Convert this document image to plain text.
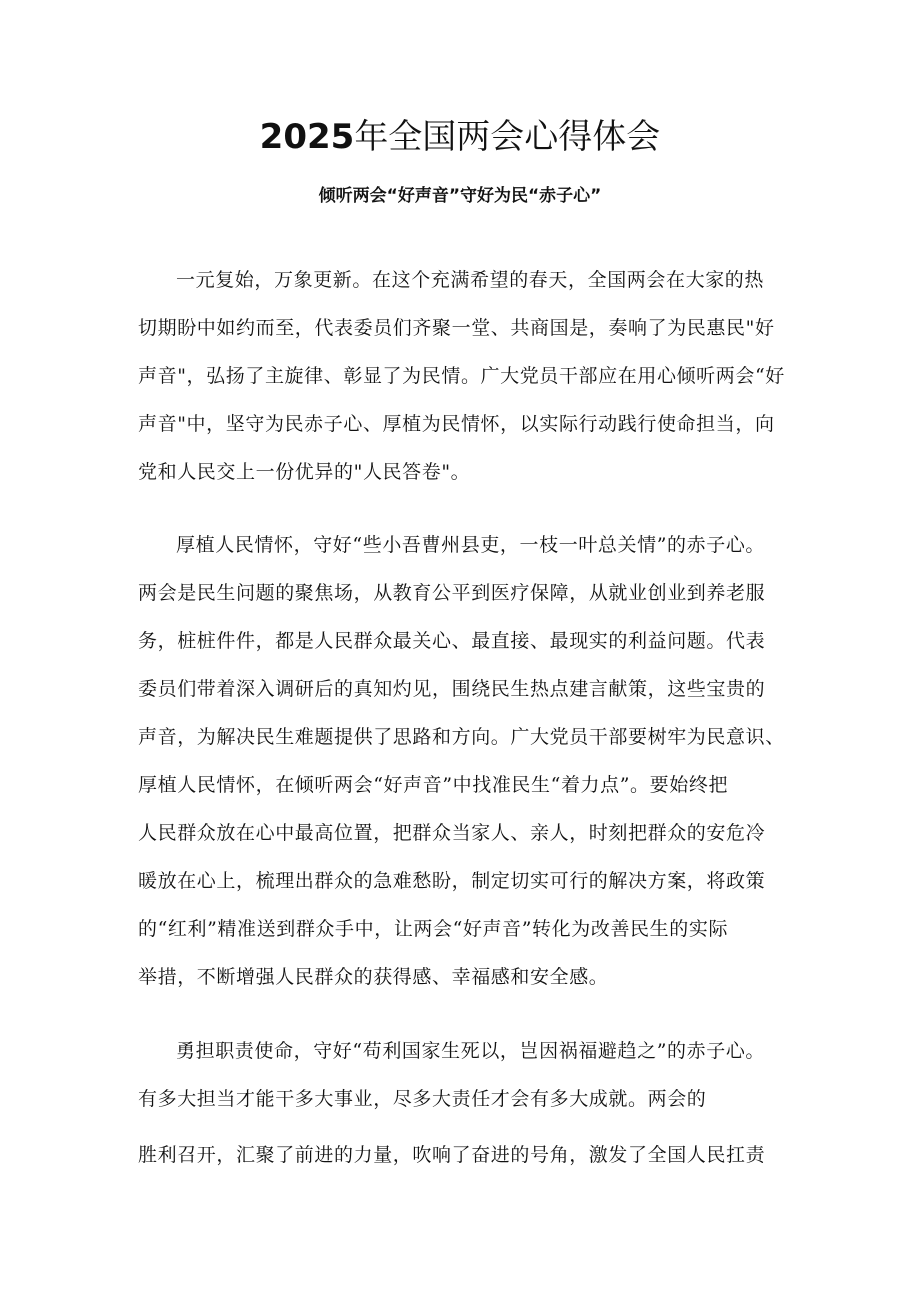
2025年全国两会心得体会
倾听两会“好声音”守好为民“赤子心”

一元复始，万象更新。在这个充满希望的春天，全国两会在大家的热

切期盼中如约而至，代表委员们齐聚一堂、共商国是，奏响了为民惠民"好

声音"，弘扬了主旋律、彰显了为民情。广大党员干部应在用心倾听两会“好

声音"中，坚守为民赤子心、厚植为民情怀，以实际行动践行使命担当，向

党和人民交上一份优异的"人民答卷"。

厚植人民情怀，守好“些小吾曹州县吏，一枝一叶总关情”的赤子心。

两会是民生问题的聚焦场，从教育公平到医疗保障，从就业创业到养老服

务，桩桩件件，都是人民群众最关心、最直接、最现实的利益问题。代表

委员们带着深入调研后的真知灼见，围绕民生热点建言献策，这些宝贵的

声音，为解决民生难题提供了思路和方向。广大党员干部要树牢为民意识、

厚植人民情怀，在倾听两会“好声音”中找准民生“着力点”。要始终把

人民群众放在心中最高位置，把群众当家人、亲人，时刻把群众的安危冷

暖放在心上，梳理出群众的急难愁盼，制定切实可行的解决方案，将政策

的“红利”精准送到群众手中，让两会“好声音”转化为改善民生的实际

举措，不断增强人民群众的获得感、幸福感和安全感。

勇担职责使命，守好“苟利国家生死以，岂因祸福避趋之”的赤子心。

有多大担当才能干多大事业，尽多大责任才会有多大成就。两会的

胜利召开，汇聚了前进的力量，吹响了奋进的号角，激发了全国人民扛责
